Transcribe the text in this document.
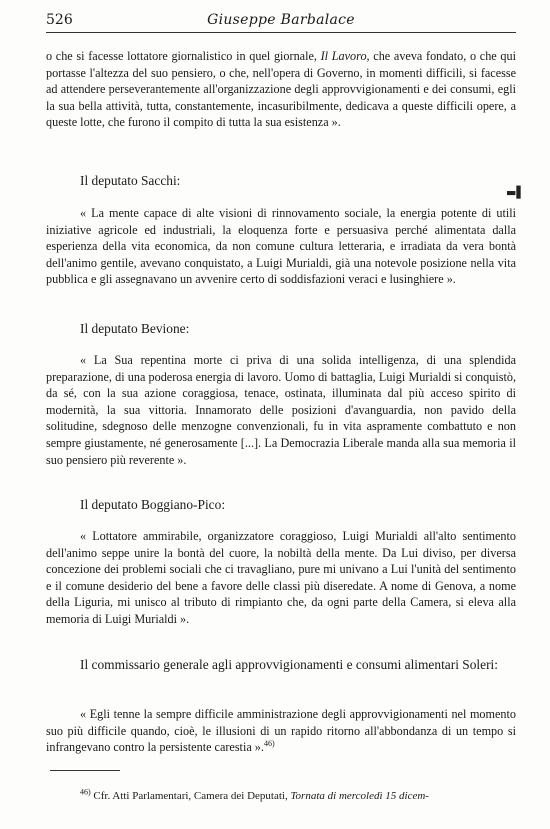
526	Giuseppe Barbalace

o che si facesse lottatore giornalistico in quel giornale, Il Lavoro, che aveva fondato, o che qui portasse l'altezza del suo pensiero, o che, nell'opera di Governo, in momenti difficili, si facesse ad attendere perseverantemente all'organizzazione degli approvvigionamenti e dei consumi, egli la sua bella attività, tutta, constantemente, incasuribilmente, dedicava a queste difficili opere, a queste lotte, che furono il compito di tutta la sua esistenza ».

Il deputato Sacchi:

▬▌

« La mente capace di alte visioni di rinnovamento sociale, la energia potente di utili iniziative agricole ed industriali, la eloquenza forte e persuasiva perché alimentata dalla esperienza della vita economica, da non comune cultura letteraria, e irradiata da vera bontà dell'animo gentile, avevano conquistato, a Luigi Murialdi, già una notevole posizione nella vita pubblica e gli assegnavano un avvenire certo di soddisfazioni veraci e lusinghiere ».

Il deputato Bevione:

« La Sua repentina morte ci priva di una solida intelligenza, di una splendida preparazione, di una poderosa energia di lavoro. Uomo di battaglia, Luigi Murialdi si conquistò, da sé, con la sua azione coraggiosa, tenace, ostinata, illuminata dal più acceso spirito di modernità, la sua vittoria. Innamorato delle posizioni d'avanguardia, non pavido della solitudine, sdegnoso delle menzogne convenzionali, fu in vita aspramente combattuto e non sempre giustamente, né generosamente [...]. La Democrazia Liberale manda alla sua memoria il suo pensiero più reverente ».

Il deputato Boggiano-Pico:

« Lottatore ammirabile, organizzatore coraggioso, Luigi Murialdi all'alto sentimento dell'animo seppe unire la bontà del cuore, la nobiltà della mente. Da Lui diviso, per diversa concezione dei problemi sociali che ci travagliano, pure mi univano a Lui l'unità del sentimento e il comune desiderio del bene a favore delle classi più diseredate. A nome di Genova, a nome della Liguria, mi unisco al tributo di rimpianto che, da ogni parte della Camera, si eleva alla memoria di Luigi Murialdi ».

Il commissario generale agli approvvigionamenti e consumi alimentari Soleri:

« Egli tenne la sempre difficile amministrazione degli approvvigionamenti nel momento suo più difficile quando, cioè, le illusioni di un rapido ritorno all'abbondanza di un tempo si infrangevano contro la persistente carestia ».$^{46)}$

$^{46)}$ Cfr. Atti Parlamentari, Camera dei Deputati, Tornata di mercoledì 15 dicem-
